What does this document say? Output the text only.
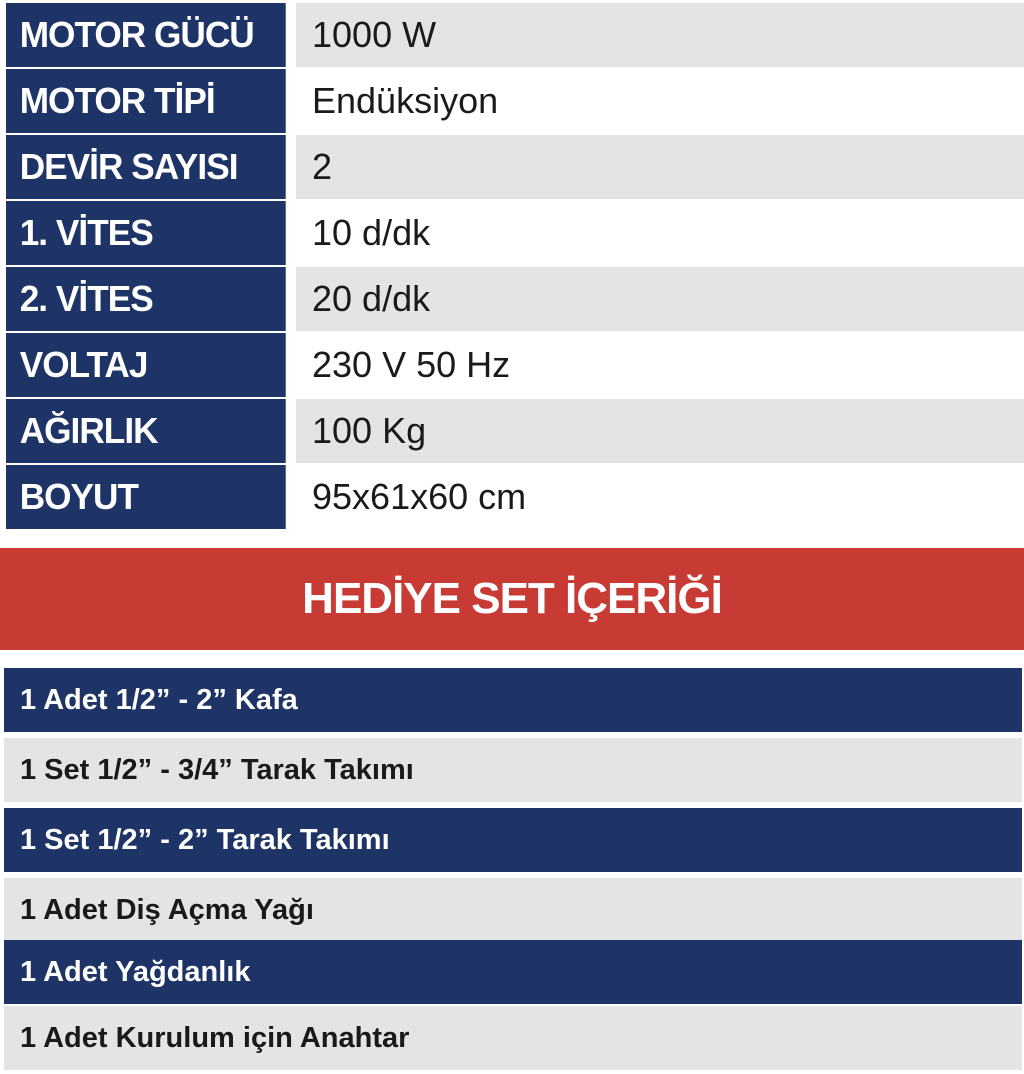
MOTOR GÜCÜ	1000 W
MOTOR TİPİ	Endüksiyon
DEVİR SAYISI	2
1. VİTES	10 d/dk
2. VİTES	20 d/dk
VOLTAJ	230 V 50 Hz
AĞIRLIK	100 Kg
BOYUT	95x61x60 cm
HEDİYE SET İÇERİĞİ
1 Adet 1/2” - 2” Kafa
1 Set 1/2” - 3/4” Tarak Takımı
1 Set 1/2” - 2” Tarak Takımı
1 Adet Diş Açma Yağı
1 Adet Yağdanlık
1 Adet Kurulum için Anahtar
